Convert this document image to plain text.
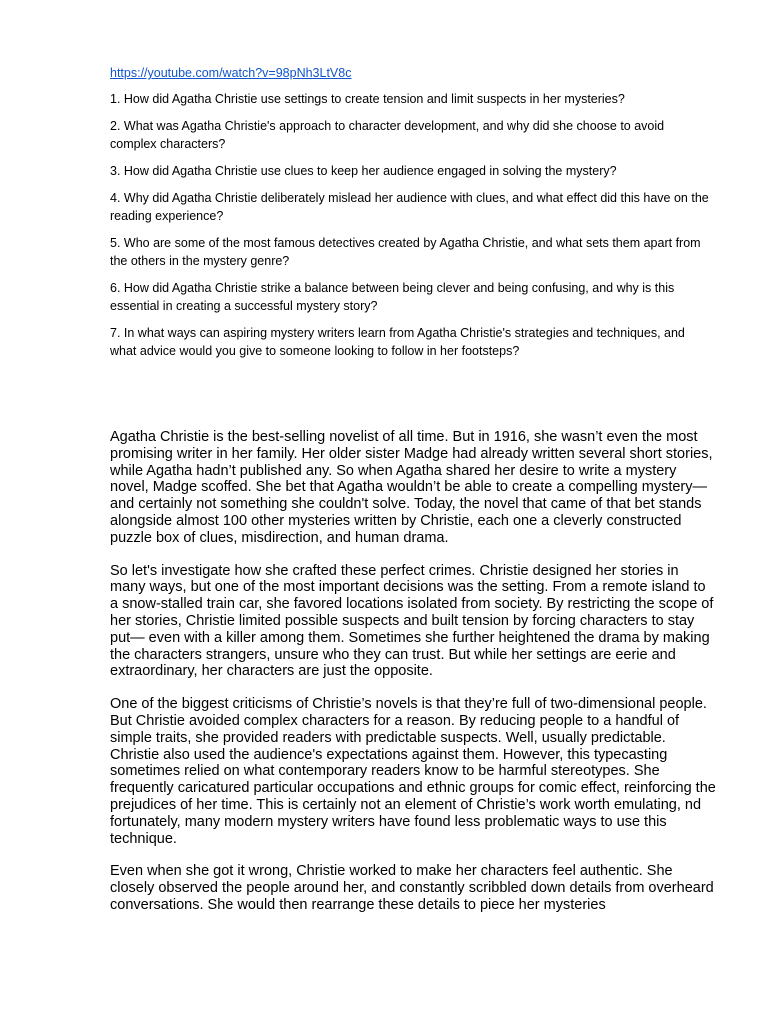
https://youtube.com/watch?v=98pNh3LtV8c
1. How did Agatha Christie use settings to create tension and limit suspects in her mysteries?
2. What was Agatha Christie's approach to character development, and why did she choose to avoid complex characters?
3. How did Agatha Christie use clues to keep her audience engaged in solving the mystery?
4. Why did Agatha Christie deliberately mislead her audience with clues, and what effect did this have on the reading experience?
5. Who are some of the most famous detectives created by Agatha Christie, and what sets them apart from the others in the mystery genre?
6. How did Agatha Christie strike a balance between being clever and being confusing, and why is this essential in creating a successful mystery story?
7. In what ways can aspiring mystery writers learn from Agatha Christie's strategies and techniques, and what advice would you give to someone looking to follow in her footsteps?

Agatha Christie is the best-selling novelist of all time. But in 1916, she wasn’t even the most promising writer in her family. Her older sister Madge had already written several short stories, while Agatha hadn’t published any. So when Agatha shared her desire to write a mystery novel, Madge scoffed. She bet that Agatha wouldn’t be able to create a compelling mystery— and certainly not something she couldn't solve. Today, the novel that came of that bet stands alongside almost 100 other mysteries written by Christie, each one a cleverly constructed puzzle box of clues, misdirection, and human drama.

So let's investigate how she crafted these perfect crimes. Christie designed her stories in many ways, but one of the most important decisions was the setting. From a remote island to a snow-stalled train car, she favored locations isolated from society. By restricting the scope of her stories, Christie limited possible suspects and built tension by forcing characters to stay put— even with a killer among them. Sometimes she further heightened the drama by making the characters strangers, unsure who they can trust. But while her settings are eerie and extraordinary, her characters are just the opposite.

One of the biggest criticisms of Christie’s novels is that they’re full of two-dimensional people. But Christie avoided complex characters for a reason. By reducing people to a handful of simple traits, she provided readers with predictable suspects. Well, usually predictable. Christie also used the audience's expectations against them. However, this typecasting sometimes relied on what contemporary readers know to be harmful stereotypes. She frequently caricatured particular occupations and ethnic groups for comic effect, reinforcing the prejudices of her time. This is certainly not an element of Christie’s work worth emulating, nd fortunately, many modern mystery writers have found less problematic ways to use this technique.

Even when she got it wrong, Christie worked to make her characters feel authentic. She closely observed the people around her, and constantly scribbled down details from overheard conversations. She would then rearrange these details to piece her mysteries
